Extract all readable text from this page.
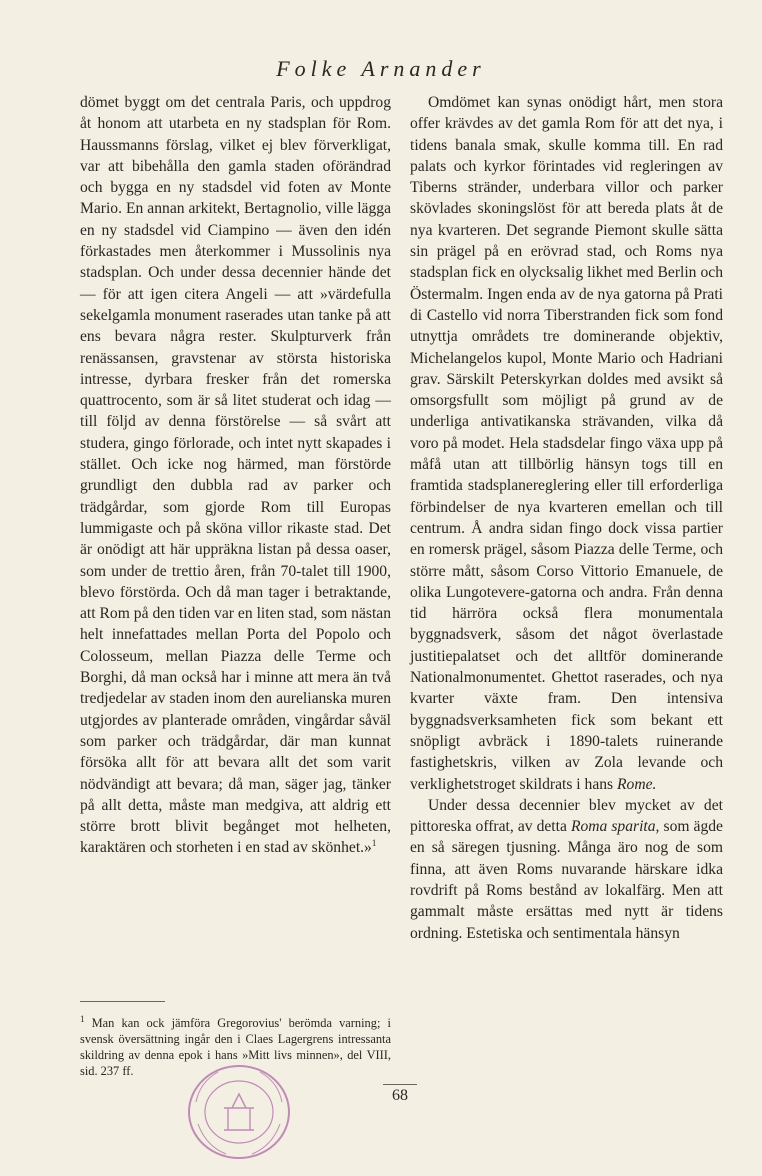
Folke Arnander

dömet byggt om det centrala Paris, och uppdrog åt honom att utarbeta en ny stadsplan för Rom. Haussmanns förslag, vilket ej blev förverkligat, var att bibehålla den gamla staden oförändrad och bygga en ny stadsdel vid foten av Monte Mario. En annan arkitekt, Bertagnolio, ville lägga en ny stadsdel vid Ciampino — även den idén förkastades men återkommer i Mussolinis nya stadsplan. Och under dessa decennier hände det — för att igen citera Angeli — att »värdefulla sekelgamla monument raserades utan tanke på att ens bevara några rester. Skulpturverk från renässansen, gravstenar av största historiska intresse, dyrbara fresker från det romerska quattrocento, som är så litet studerat och idag — till följd av denna förstörelse — så svårt att studera, gingo förlorade, och intet nytt skapades i stället. Och icke nog härmed, man förstörde grundligt den dubbla rad av parker och trädgårdar, som gjorde Rom till Europas lummigaste och på sköna villor rikaste stad. Det är onödigt att här uppräkna listan på dessa oaser, som under de trettio åren, från 70-talet till 1900, blevo förstörda. Och då man tager i betraktande, att Rom på den tiden var en liten stad, som nästan helt innefattades mellan Porta del Popolo och Colosseum, mellan Piazza delle Terme och Borghi, då man också har i minne att mera än två tredjedelar av staden inom den aurelianska muren utgjordes av planterade områden, vingårdar såväl som parker och trädgårdar, där man kunnat försöka allt för att bevara allt det som varit nödvändigt att bevara; då man, säger jag, tänker på allt detta, måste man medgiva, att aldrig ett större brott blivit begånget mot helheten, karaktären och storheten i en stad av skönhet.»$^1$

Omdömet kan synas onödigt hårt, men stora offer krävdes av det gamla Rom för att det nya, i tidens banala smak, skulle komma till. En rad palats och kyrkor förintades vid regleringen av Tiberns stränder, underbara villor och parker skövlades skoningslöst för att bereda plats åt de nya kvarteren. Det segrande Piemont skulle sätta sin prägel på en erövrad stad, och Roms nya stadsplan fick en olycksalig likhet med Berlin och Östermalm. Ingen enda av de nya gatorna på Prati di Castello vid norra Tiberstranden fick som fond utnyttja områdets tre dominerande objektiv, Michelangelos kupol, Monte Mario och Hadriani grav. Särskilt Peterskyrkan doldes med avsikt så omsorgsfullt som möjligt på grund av de underliga antivatikanska strävanden, vilka då voro på modet. Hela stadsdelar fingo växa upp på måfå utan att tillbörlig hänsyn togs till en framtida stadsplanereglering eller till erforderliga förbindelser de nya kvarteren emellan och till centrum. Å andra sidan fingo dock vissa partier en romersk prägel, såsom Piazza delle Terme, och större mått, såsom Corso Vittorio Emanuele, de olika Lungotevere-gatorna och andra. Från denna tid härröra också flera monumentala byggnadsverk, såsom det något överlastade justitiepalatset och det alltför dominerande Nationalmonumentet. Ghettot raserades, och nya kvarter växte fram. Den intensiva byggnadsverksamheten fick som bekant ett snöpligt avbräck i 1890-talets ruinerande fastighetskris, vilken av Zola levande och verklighetstroget skildrats i hans Rome.

Under dessa decennier blev mycket av det pittoreska offrat, av detta Roma sparita, som ägde en så säregen tjusning. Många äro nog de som finna, att även Roms nuvarande härskare idka rovdrift på Roms bestånd av lokalfärg. Men att gammalt måste ersättas med nytt är tidens ordning. Estetiska och sentimentala hänsyn

$^1$ Man kan ock jämföra Gregorovius' berömda varning; i svensk översättning ingår den i Claes Lagergrens intressanta skildring av denna epok i hans »Mitt livs minnen», del VIII, sid. 237 ff.
68
